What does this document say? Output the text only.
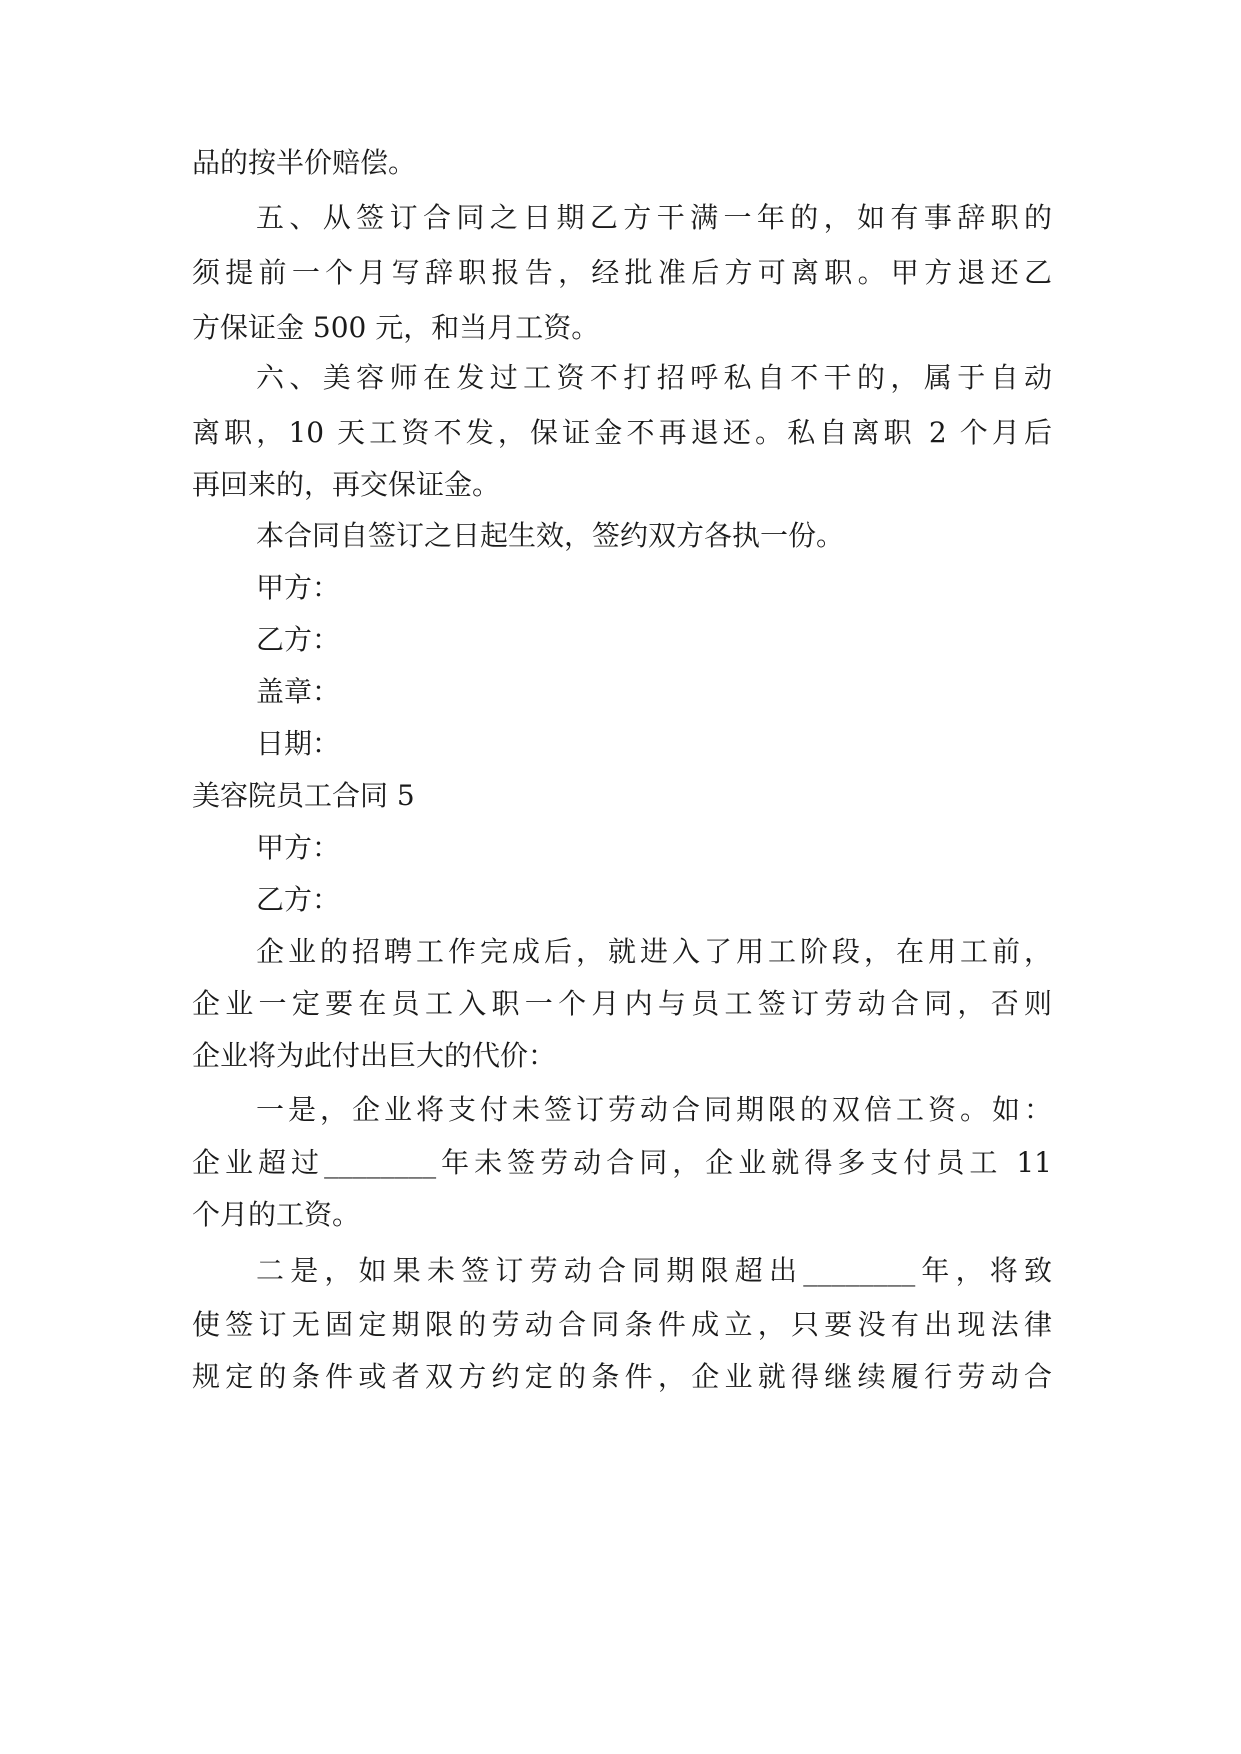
品的按半价赔偿。
五、从签订合同之日期乙方干满一年的，如有事辞职的
须提前一个月写辞职报告，经批准后方可离职。甲方退还乙
方保证金 500 元，和当月工资。
六、美容师在发过工资不打招呼私自不干的，属于自动
离职，10 天工资不发，保证金不再退还。私自离职 2 个月后
再回来的，再交保证金。
本合同自签订之日起生效，签约双方各执一份。
甲方：
乙方：
盖章：
日期：
美容院员工合同 5
甲方：
乙方：
企业的招聘工作完成后，就进入了用工阶段，在用工前，
企业一定要在员工入职一个月内与员工签订劳动合同，否则
企业将为此付出巨大的代价：
一是，企业将支付未签订劳动合同期限的双倍工资。如：
企业超过________年未签劳动合同，企业就得多支付员工 11
个月的工资。
二是，如果未签订劳动合同期限超出________年，将致
使签订无固定期限的劳动合同条件成立，只要没有出现法律
规定的条件或者双方约定的条件，企业就得继续履行劳动合
